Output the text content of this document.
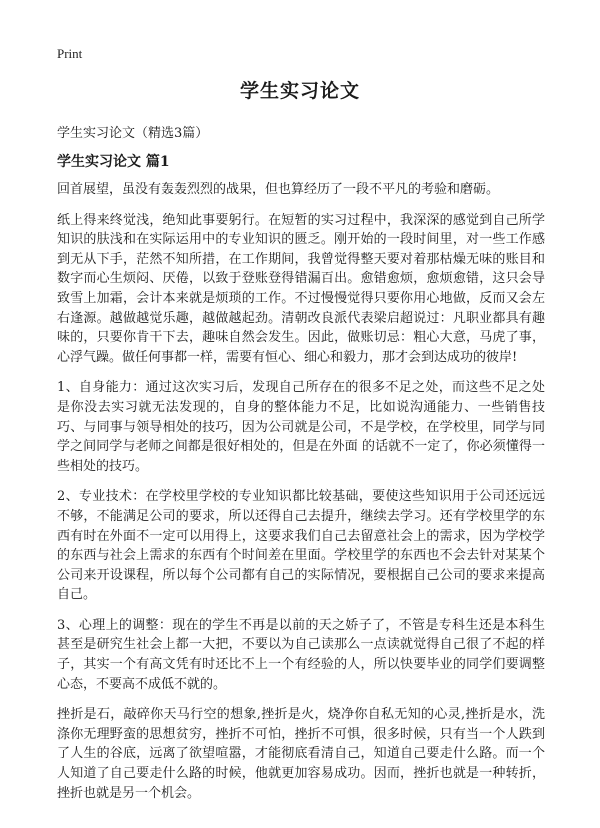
Print
学生实习论文
学生实习论文（精选3篇）
学生实习论文 篇1

回首展望，虽没有轰轰烈烈的战果，但也算经历了一段不平凡的考验和磨砺。

纸上得来终觉浅，绝知此事要躬行。在短暂的实习过程中，我深深的感觉到自己所学知识的肤浅和在实际运用中的专业知识的匮乏。刚开始的一段时间里，对一些工作感到无从下手，茫然不知所措，在工作期间，我曾觉得整天要对着那枯燥无味的账目和数字而心生烦闷、厌倦，以致于登账登得错漏百出。愈错愈烦，愈烦愈错，这只会导致雪上加霜，会计本来就是烦琐的工作。不过慢慢觉得只要你用心地做，反而又会左右逢源。越做越觉乐趣，越做越起劲。清朝改良派代表梁启超说过：凡职业都具有趣味的，只要你肯干下去，趣味自然会发生。因此，做账切忌：粗心大意，马虎了事，心浮气躁。做任何事都一样，需要有恒心、细心和毅力，那才会到达成功的彼岸!

1、自身能力：通过这次实习后，发现自己所存在的很多不足之处，而这些不足之处是你没去实习就无法发现的，自身的整体能力不足，比如说沟通能力、一些销售技巧、与同事与领导相处的技巧，因为公司就是公司，不是学校，在学校里，同学与同学之间同学与老师之间都是很好相处的，但是在外面 的话就不一定了，你必须懂得一些相处的技巧。

2、专业技术：在学校里学校的专业知识都比较基础，要使这些知识用于公司还远远不够，不能满足公司的要求，所以还得自己去提升，继续去学习。还有学校里学的东西有时在外面不一定可以用得上，这要求我们自己去留意社会上的需求，因为学校学的东西与社会上需求的东西有个时间差在里面。学校里学的东西也不会去针对某某个公司来开设课程，所以每个公司都有自己的实际情况，要根据自己公司的要求来提高自己。

3、心理上的调整：现在的学生不再是以前的天之娇子了，不管是专科生还是本科生甚至是研究生社会上都一大把，不要以为自己读那么一点读就觉得自己很了不起的样子，其实一个有高文凭有时还比不上一个有经验的人，所以快要毕业的同学们要调整心态，不要高不成低不就的。

挫折是石，敲碎你天马行空的想象,挫折是火，烧净你自私无知的心灵,挫折是水，洗涤你无理野蛮的思想贫穷，挫折不可怕，挫折不可惧，很多时候，只有当一个人跌到了人生的谷底，远离了欲望喧嚣，才能彻底看清自己，知道自己要走什么路。而一个人知道了自己要走什么路的时候，他就更加容易成功。因而，挫折也就是一种转折，挫折也就是另一个机会。
